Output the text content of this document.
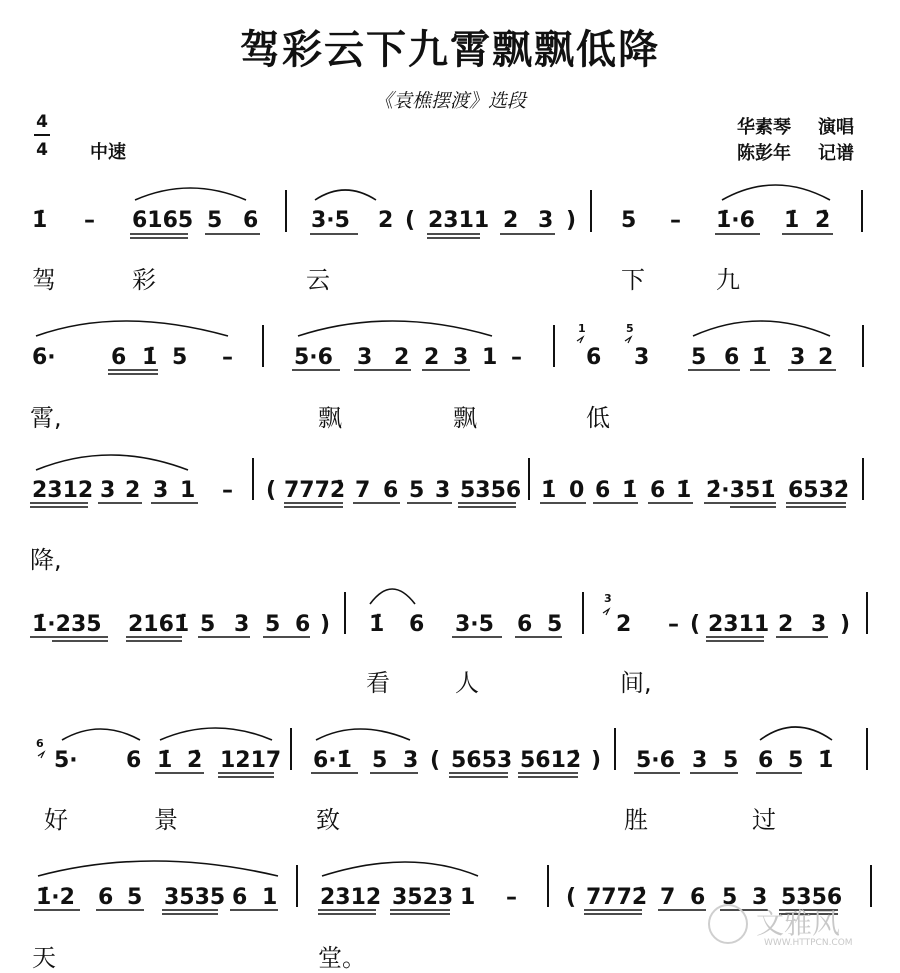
驾彩云下九霄飘飘低降
《袁樵摆渡》选段
4
4 中速
华素琴 演唱
陈彭年 记谱
1̇ – 6165 5 6 3·5 2 ( 2311 2 3 ) 5 – 1̇·6 1̇ 2̇
驾	彩	云	下	九
6·	6 1̇ 5 –	5·6 3 2 2 3 1 –
1
6
5
3 5 6 1̇ 3 2
霄,	飘	飘	低
2312 3 2 3 1 – ( 7772̇ 7 6 5 3 5356 1̇ 0 6 1̇ 6 1̇ 2̇·351̇ 6532̇
降,
1̇·235 2161̇ 5 3 5 6 ) 1̇ 6 3·5 6 5
3
2 – ( 2311 2 3 )
看	人	间,
6
5· 6 1̇ 2̇ 1217 6·1̇ 5 3 ( 5653 5612̇ ) 5·6 3 5 6 5 1̇
好	景	致	胜	过
1̇·2 6 5 3535 6 1 2312 3523 1 – ( 7772̇ 7 6 5 3 5356
天	堂。
文雅风
WWW.HTTPCN.COM
